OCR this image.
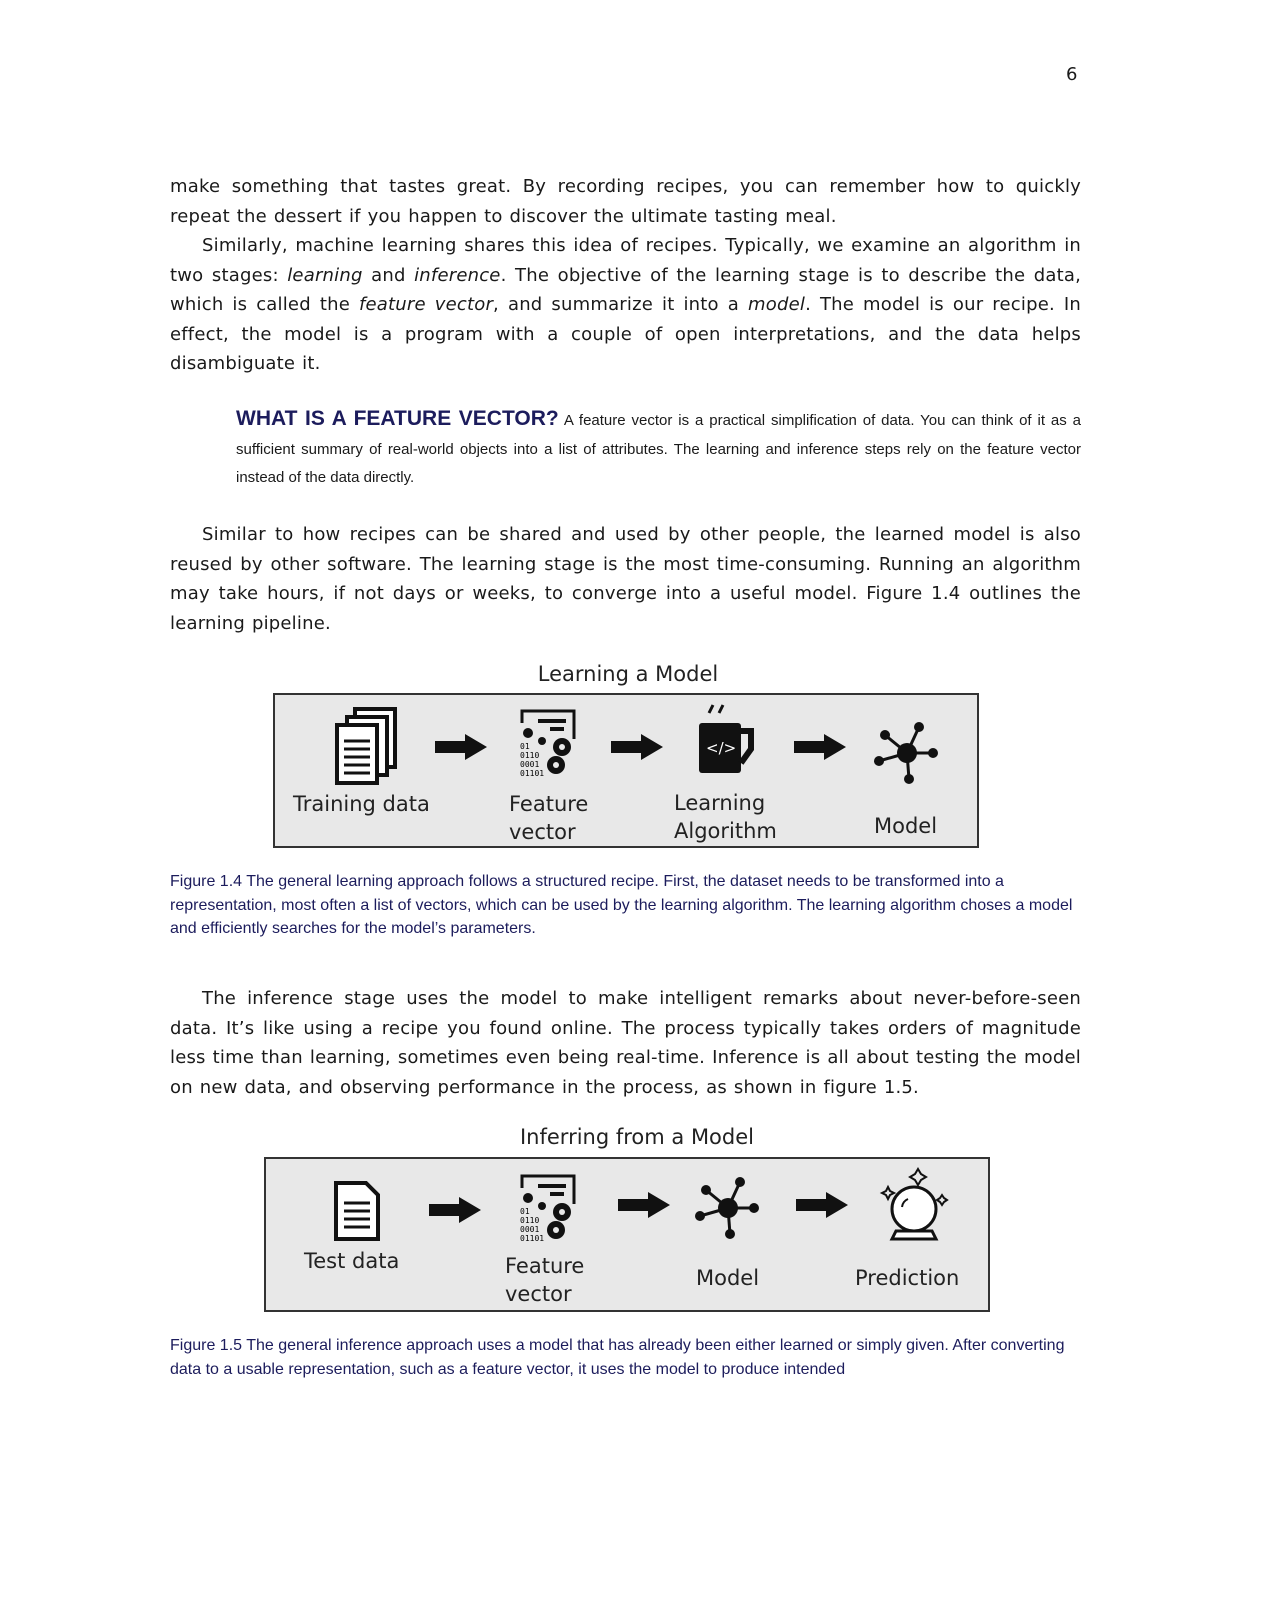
6
make something that tastes great. By recording recipes, you can remember how to quickly repeat the dessert if you happen to discover the ultimate tasting meal.
Similarly, machine learning shares this idea of recipes. Typically, we examine an algorithm in two stages: learning and inference. The objective of the learning stage is to describe the data, which is called the feature vector, and summarize it into a model. The model is our recipe. In effect, the model is a program with a couple of open interpretations, and the data helps disambiguate it.
WHAT IS A FEATURE VECTOR? A feature vector is a practical simplification of data. You can think of it as a sufficient summary of real-world objects into a list of attributes. The learning and inference steps rely on the feature vector instead of the data directly.
Similar to how recipes can be shared and used by other people, the learned model is also reused by other software. The learning stage is the most time-consuming. Running an algorithm may take hours, if not days or weeks, to converge into a useful model. Figure 1.4 outlines the learning pipeline.
Learning a Model
01
0110
0001
01101
</>
Training data	Feature vector
Learning Algorithm	Model
Figure 1.4 The general learning approach follows a structured recipe. First, the dataset needs to be transformed into a representation, most often a list of vectors, which can be used by the learning algorithm. The learning algorithm choses a model and efficiently searches for the model’s parameters.
The inference stage uses the model to make intelligent remarks about never-before-seen data. It’s like using a recipe you found online. The process typically takes orders of magnitude less time than learning, sometimes even being real-time. Inference is all about testing the model on new data, and observing performance in the process, as shown in figure 1.5.
Inferring from a Model
01
0110
0001
01101
Test data	Feature vector
Model	Prediction
Figure 1.5 The general inference approach uses a model that has already been either learned or simply given. After converting data to a usable representation, such as a feature vector, it uses the model to produce intended
